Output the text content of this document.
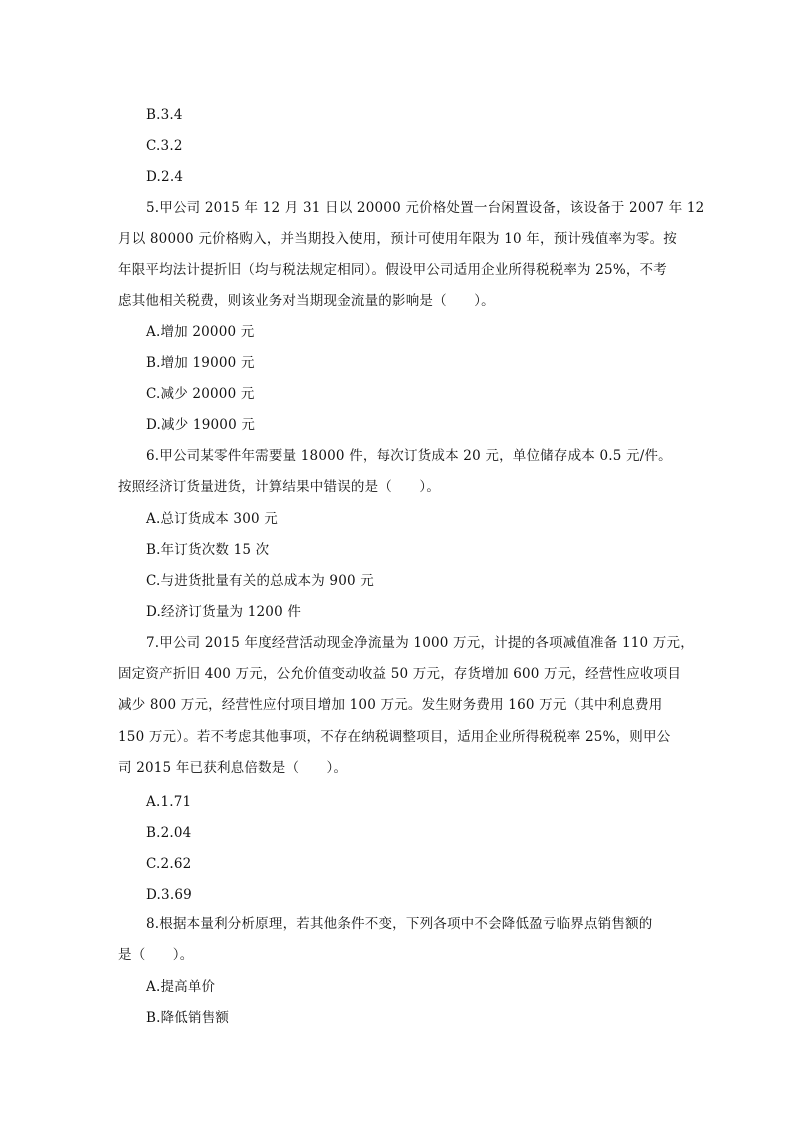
B.3.4
C.3.2
D.2.4
5.甲公司 2015 年 12 月 31 日以 20000 元价格处置一台闲置设备，该设备于 2007 年 12
月以 80000 元价格购入，并当期投入使用，预计可使用年限为 10 年，预计残值率为零。按
年限平均法计提折旧（均与税法规定相同）。假设甲公司适用企业所得税税率为 25%，不考
虑其他相关税费，则该业务对当期现金流量的影响是（　　）。
A.增加 20000 元
B.增加 19000 元
C.减少 20000 元
D.减少 19000 元
6.甲公司某零件年需要量 18000 件，每次订货成本 20 元，单位储存成本 0.5 元/件。
按照经济订货量进货，计算结果中错误的是（　　）。
A.总订货成本 300 元
B.年订货次数 15 次
C.与进货批量有关的总成本为 900 元
D.经济订货量为 1200 件
7.甲公司 2015 年度经营活动现金净流量为 1000 万元，计提的各项减值准备 110 万元，
固定资产折旧 400 万元，公允价值变动收益 50 万元，存货增加 600 万元，经营性应收项目
减少 800 万元，经营性应付项目增加 100 万元。发生财务费用 160 万元（其中利息费用
150 万元）。若不考虑其他事项，不存在纳税调整项目，适用企业所得税税率 25%，则甲公
司 2015 年已获利息倍数是（　　）。
A.1.71
B.2.04
C.2.62
D.3.69
8.根据本量利分析原理，若其他条件不变，下列各项中不会降低盈亏临界点销售额的
是（　　）。
A.提高单价
B.降低销售额
